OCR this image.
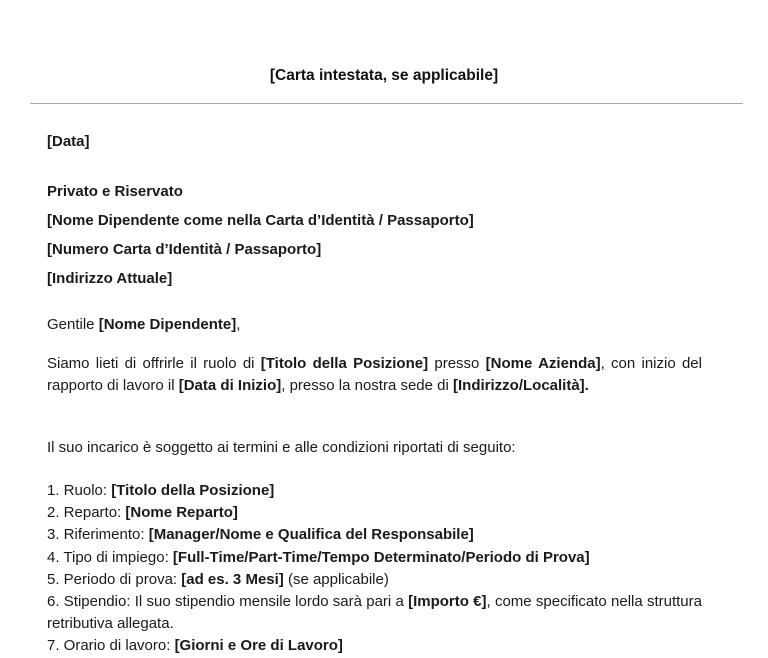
[Carta intestata, se applicabile]
[Data]
Privato e Riservato
[Nome Dipendente come nella Carta d’Identità / Passaporto]
[Numero Carta d’Identità / Passaporto]
[Indirizzo Attuale]
Gentile [Nome Dipendente],
Siamo lieti di offrirle il ruolo di [Titolo della Posizione] presso [Nome Azienda], con inizio del rapporto di lavoro il [Data di Inizio], presso la nostra sede di [Indirizzo/Località].
Il suo incarico è soggetto ai termini e alle condizioni riportati di seguito:
1. Ruolo: [Titolo della Posizione]
2. Reparto: [Nome Reparto]
3. Riferimento: [Manager/Nome e Qualifica del Responsabile]
4. Tipo di impiego: [Full-Time/Part-Time/Tempo Determinato/Periodo di Prova]
5. Periodo di prova: [ad es. 3 Mesi] (se applicabile)
6. Stipendio: Il suo stipendio mensile lordo sarà pari a [Importo €], come specificato nella struttura retributiva allegata.
7. Orario di lavoro: [Giorni e Ore di Lavoro]
